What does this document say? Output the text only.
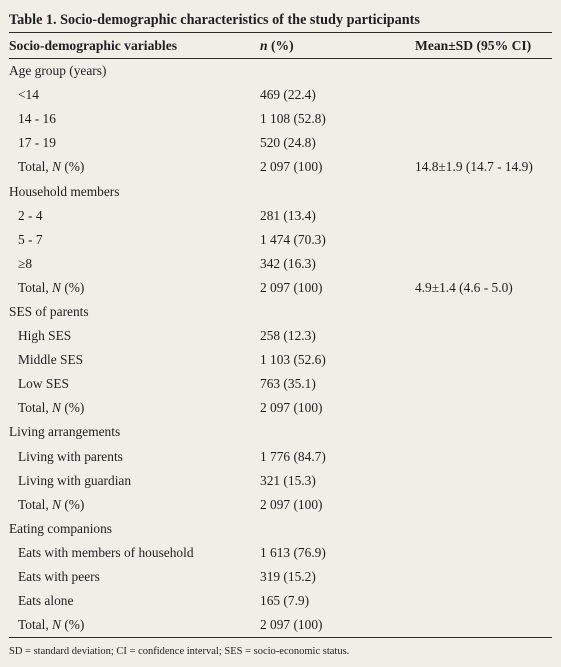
Table 1. Socio-demographic characteristics of the study participants
Socio-demographic variables	n (%)	Mean±SD (95% CI)
Age group (years)		
<14	469 (22.4)	
14 - 16	1 108 (52.8)	
17 - 19	520 (24.8)	
Total, N (%)	2 097 (100)	14.8±1.9 (14.7 - 14.9)
Household members		
2 - 4	281 (13.4)	
5 - 7	1 474 (70.3)	
≥8	342 (16.3)	
Total, N (%)	2 097 (100)	4.9±1.4 (4.6 - 5.0)
SES of parents		
High SES	258 (12.3)	
Middle SES	1 103 (52.6)	
Low SES	763 (35.1)	
Total, N (%)	2 097 (100)	
Living arrangements		
Living with parents	1 776 (84.7)	
Living with guardian	321 (15.3)	
Total, N (%)	2 097 (100)	
Eating companions		
Eats with members of household	1 613 (76.9)	
Eats with peers	319 (15.2)	
Eats alone	165 (7.9)	
Total, N (%)	2 097 (100)	
SD = standard deviation; CI = confidence interval; SES = socio-economic status.
